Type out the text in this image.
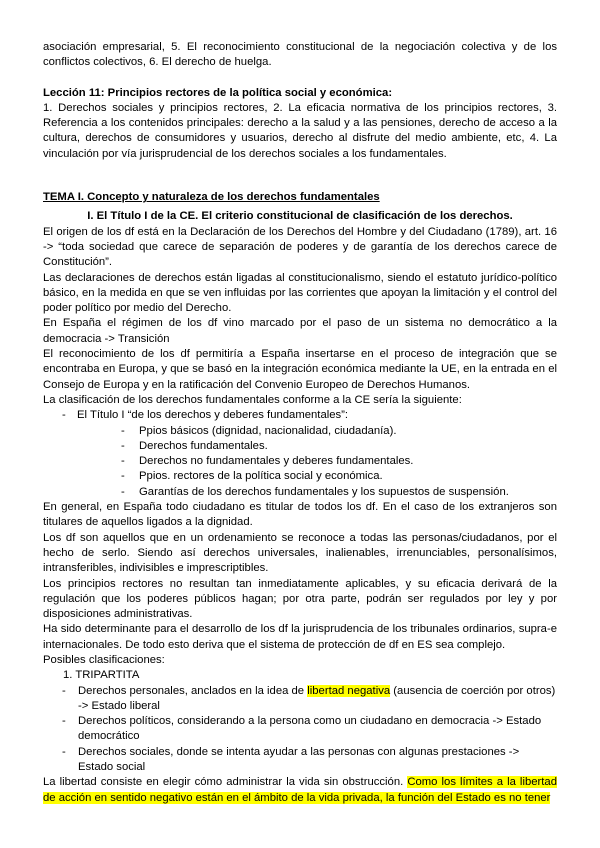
asociación empresarial, 5. El reconocimiento constitucional de la negociación colectiva y de los conflictos colectivos, 6. El derecho de huelga.

Lección 11: Principios rectores de la política social y económica:

1. Derechos sociales y principios rectores, 2. La eficacia normativa de los principios rectores, 3. Referencia a los contenidos principales: derecho a la salud y a las pensiones, derecho de acceso a la cultura, derechos de consumidores y usuarios, derecho al disfrute del medio ambiente, etc, 4. La vinculación por vía jurisprudencial de los derechos sociales a los fundamentales.

TEMA I. Concepto y naturaleza de los derechos fundamentales

I. El Título I de la CE. El criterio constitucional de clasificación de los derechos.

El origen de los df está en la Declaración de los Derechos del Hombre y del Ciudadano (1789), art. 16 -> “toda sociedad que carece de separación de poderes y de garantía de los derechos carece de Constitución”.

Las declaraciones de derechos están ligadas al constitucionalismo, siendo el estatuto jurídico-político básico, en la medida en que se ven influidas por las corrientes que apoyan la limitación y el control del poder político por medio del Derecho.

En España el régimen de los df vino marcado por el paso de un sistema no democrático a la democracia -> Transición

El reconocimiento de los df permitiría a España insertarse en el proceso de integración que se encontraba en Europa, y que se basó en la integración económica mediante la UE, en la entrada en el Consejo de Europa y en la ratificación del Convenio Europeo de Derechos Humanos.

La clasificación de los derechos fundamentales conforme a la CE sería la siguiente:

- El Título I “de los derechos y deberes fundamentales”:
- Ppios básicos (dignidad, nacionalidad, ciudadanía).
- Derechos fundamentales.
- Derechos no fundamentales y deberes fundamentales.
- Ppios. rectores de la política social y económica.
- Garantías de los derechos fundamentales y los supuestos de suspensión.

En general, en España todo ciudadano es titular de todos los df. En el caso de los extranjeros son titulares de aquellos ligados a la dignidad.

Los df son aquellos que en un ordenamiento se reconoce a todas las personas/ciudadanos, por el hecho de serlo. Siendo así derechos universales, inalienables, irrenunciables, personalísimos, intransferibles, indivisibles e imprescriptibles.

Los principios rectores no resultan tan inmediatamente aplicables, y su eficacia derivará de la regulación que los poderes públicos hagan; por otra parte, podrán ser regulados por ley y por disposiciones administrativas.

Ha sido determinante para el desarrollo de los df la jurisprudencia de los tribunales ordinarios, supra-e internacionales. De todo esto deriva que el sistema de protección de df en ES sea complejo.

Posibles clasificaciones:

1. TRIPARTITA
- Derechos personales, anclados en la idea de libertad negativa (ausencia de coerción por otros) -> Estado liberal
- Derechos políticos, considerando a la persona como un ciudadano en democracia -> Estado democrático
- Derechos sociales, donde se intenta ayudar a las personas con algunas prestaciones -> Estado social

La libertad consiste en elegir cómo administrar la vida sin obstrucción. Como los límites a la libertad de acción en sentido negativo están en el ámbito de la vida privada, la función del Estado es no tener
